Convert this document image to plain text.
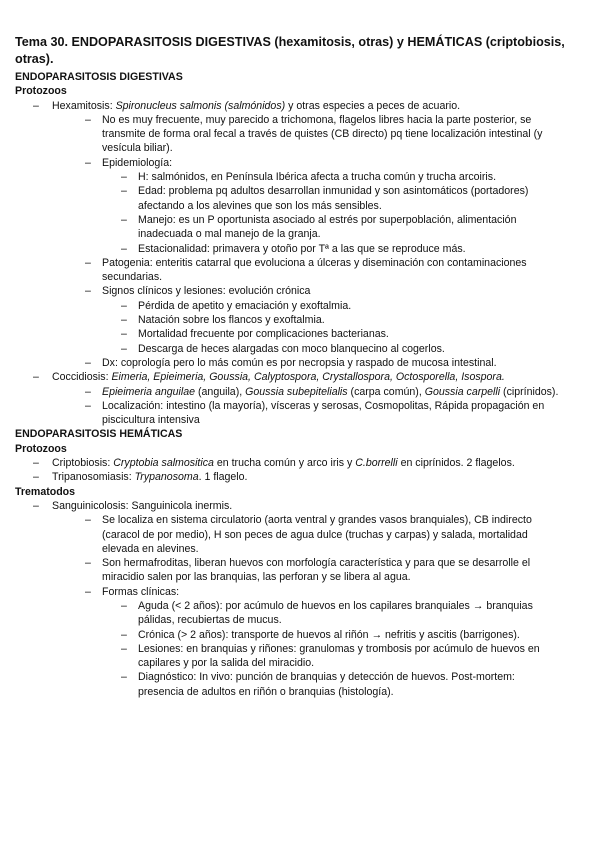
Tema 30. ENDOPARASITOSIS DIGESTIVAS (hexamitosis, otras) y HEMÁTICAS (criptobiosis,
otras).
ENDOPARASITOSIS DIGESTIVAS
Protozoos
– Hexamitosis: Spironucleus salmonis (salmónidos) y otras especies a peces de acuario.
– No es muy frecuente, muy parecido a trichomona, flagelos libres hacia la parte posterior, se
transmite de forma oral fecal a través de quistes (CB directo) pq tiene localización intestinal (y
vesícula biliar).
– Epidemiología:
– H: salmónidos, en Península Ibérica afecta a trucha común y trucha arcoiris.
– Edad: problema pq adultos desarrollan inmunidad y son asintomáticos (portadores)
afectando a los alevines que son los más sensibles.
– Manejo: es un P oportunista asociado al estrés por superpoblación, alimentación
inadecuada o mal manejo de la granja.
– Estacionalidad: primavera y otoño por Tª a las que se reproduce más.
– Patogenia: enteritis catarral que evoluciona a úlceras y diseminación con contaminaciones
secundarias.
– Signos clínicos y lesiones: evolución crónica
– Pérdida de apetito y emaciación y exoftalmia.
– Natación sobre los flancos y exoftalmia.
– Mortalidad frecuente por complicaciones bacterianas.
– Descarga de heces alargadas con moco blanquecino al cogerlos.
– Dx: coprología pero lo más común es por necropsia y raspado de mucosa intestinal.
– Coccidiosis: Eimeria, Epieimeria, Goussia, Calyptospora, Crystallospora, Octosporella, Isospora.
– Epieimeria anguilae (anguila), Goussia subepitelialis (carpa común), Goussia carpelli (ciprínidos).
– Localización: intestino (la mayoría), vísceras y serosas, Cosmopolitas, Rápida propagación en
piscicultura intensiva
ENDOPARASITOSIS HEMÁTICAS
Protozoos
– Criptobiosis: Cryptobia salmositica en trucha común y arco iris y C.borrelli en ciprínidos. 2 flagelos.
– Tripanosomiasis: Trypanosoma. 1 flagelo.
Trematodos
– Sanguinicolosis: Sanguinicola inermis.
– Se localiza en sistema circulatorio (aorta ventral y grandes vasos branquiales), CB indirecto
(caracol de por medio), H son peces de agua dulce (truchas y carpas) y salada, mortalidad
elevada en alevines.
– Son hermafroditas, liberan huevos con morfología característica y para que se desarrolle el
miracidio salen por las branquias, las perforan y se libera al agua.
– Formas clínicas:
– Aguda (< 2 años): por acúmulo de huevos en los capilares branquiales → branquias
pálidas, recubiertas de mucus.
– Crónica (> 2 años): transporte de huevos al riñón → nefritis y ascitis (barrigones).
– Lesiones: en branquias y riñones: granulomas y trombosis por acúmulo de huevos en
capilares y por la salida del miracidio.
– Diagnóstico: In vivo: punción de branquias y detección de huevos. Post-mortem:
presencia de adultos en riñón o branquias (histología).
